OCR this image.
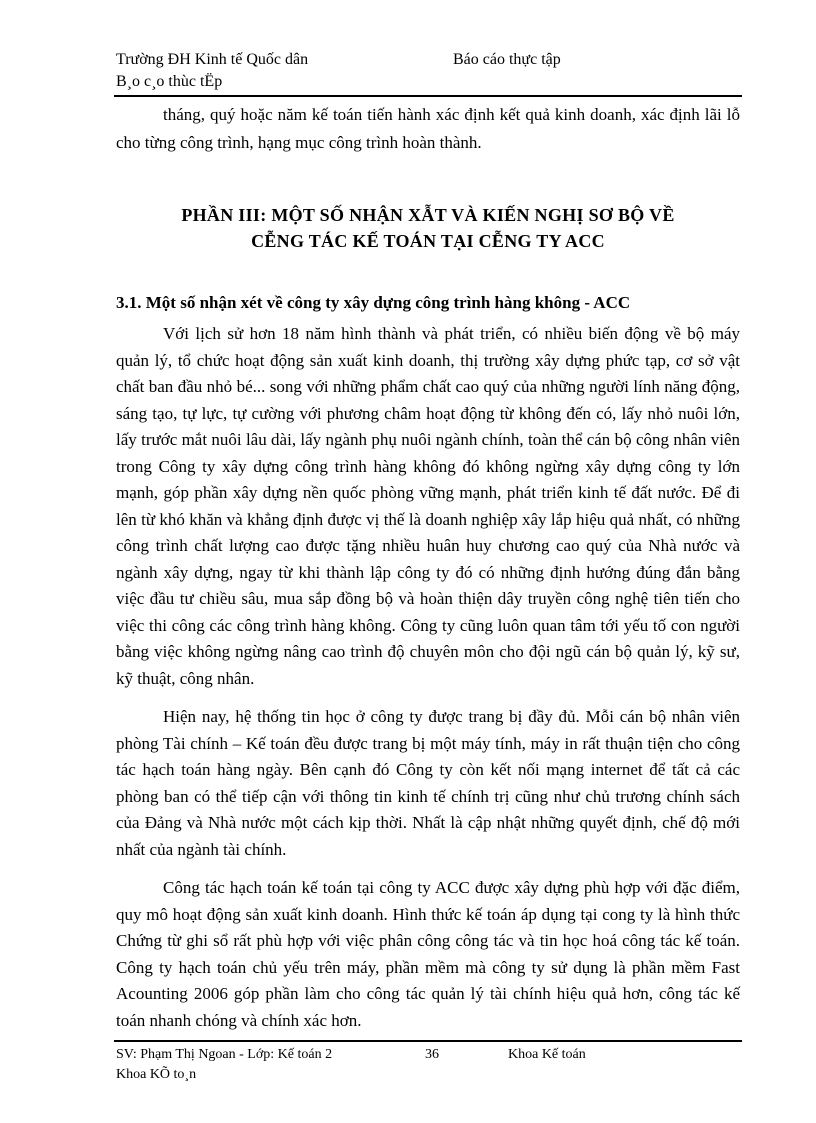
Trường ĐH Kinh tế Quốc dân	Báo cáo thực tập
B¸o c¸o thùc tËp
tháng, quý hoặc năm kế toán tiến hành xác định kết quả kinh doanh, xác định lãi lỗ cho từng công trình, hạng mục công trình hoàn thành.
PHẦN III: MỘT SỐ NHẬN XẪT VÀ KIẾN NGHỊ SƠ BỘ VỀ
CỄNG TÁC KẾ TOÁN TẠI CỄNG TY ACC
3.1. Một số nhận xét về công ty xây dựng công trình hàng không - ACC
Với lịch sử hơn 18 năm hình thành và phát triển, có nhiều biến động về bộ máy quản lý, tổ chức hoạt động sản xuất kinh doanh, thị trường xây dựng phức tạp, cơ sở vật chất ban đầu nhỏ bé... song với những phẩm chất cao quý của những người lính năng động, sáng tạo, tự lực, tự cường với phương châm hoạt động từ không đến có, lấy nhỏ nuôi lớn, lấy trước mắt nuôi lâu dài, lấy ngành phụ nuôi ngành chính, toàn thể cán bộ công nhân viên trong Công ty xây dựng công trình hàng không đó không ngừng xây dựng công ty lớn mạnh, góp phần xây dựng nền quốc phòng vững mạnh, phát triển kinh tế đất nước. Để đi lên từ khó khăn và khẳng định được vị thế là doanh nghiệp xây lắp hiệu quả nhất, có những công trình chất lượng cao được tặng nhiều huân huy chương cao quý của Nhà nước và ngành xây dựng, ngay từ khi thành lập công ty đó có những định hướng đúng đắn bằng việc đầu tư chiều sâu, mua sắp đồng bộ và hoàn thiện dây truyền công nghệ tiên tiến cho việc thi công các công trình hàng không. Công ty cũng luôn quan tâm tới yếu tố con người bằng việc không ngừng nâng cao trình độ chuyên môn cho đội ngũ cán bộ quản lý, kỹ sư, kỹ thuật, công nhân.
Hiện nay, hệ thống tin học ở công ty được trang bị đầy đủ. Mỗi cán bộ nhân viên phòng Tài chính – Kế toán đều được trang bị một máy tính, máy in rất thuận tiện cho công tác hạch toán hàng ngày. Bên cạnh đó Công ty còn kết nối mạng internet để tất cả các phòng ban có thể tiếp cận với thông tin kinh tế chính trị cũng như chủ trương chính sách của Đảng và Nhà nước một cách kịp thời. Nhất là cập nhật những quyết định, chế độ mới nhất của ngành tài chính.
Công tác hạch toán kế toán tại công ty ACC được xây dựng phù hợp với đặc điểm, quy mô hoạt động sản xuất kinh doanh. Hình thức kế toán áp dụng tại cong ty là hình thức Chứng từ ghi sổ rất phù hợp với việc phân công công tác và tin học hoá công tác kế toán. Công ty hạch toán chủ yếu trên máy, phần mềm mà công ty sử dụng là phần mềm Fast Acounting 2006 góp phần làm cho công tác quản lý tài chính hiệu quả hơn, công tác kế toán nhanh chóng và chính xác hơn.
SV: Phạm Thị Ngoan - Lớp: Kế toán 2	36	Khoa Kế toán
Khoa KÕ to¸n
